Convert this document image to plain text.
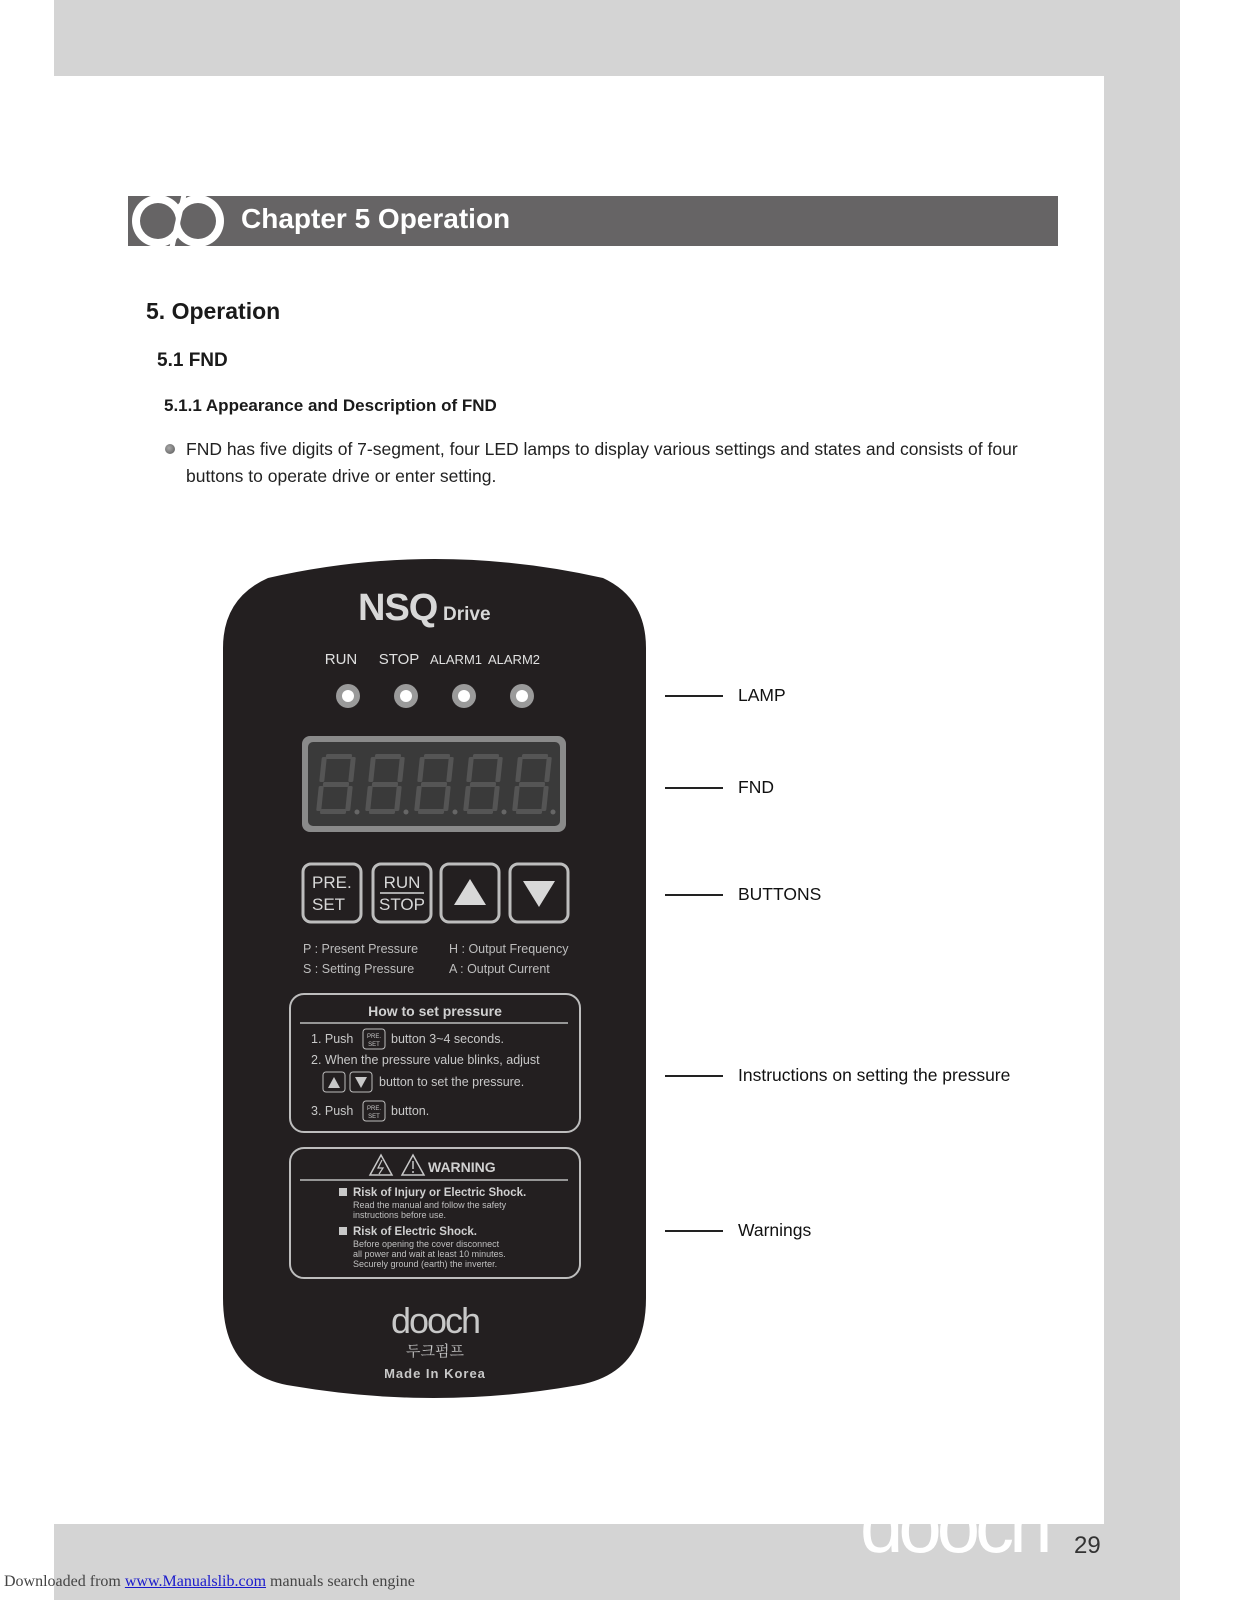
Chapter 5 Operation
5. Operation
5.1 FND
5.1.1 Appearance and Description of FND
FND has five digits of 7-segment, four LED lamps to display various settings and states and consists of four buttons to operate drive or enter setting.
NSQ Drive
RUN STOP ALARM1 ALARM2
PRE.
SET
RUN
STOP
P : Present Pressure
S : Setting Pressure
H : Output Frequency
A : Output Current
How to set pressure
1. Push PRE.
SET button 3~4 seconds.
2. When the pressure value blinks, adjust
button to set the pressure.
3. Push PRE.
SET button.
WARNING
Risk of Injury or Electric Shock.
Read the manual and follow the safety
instructions before use.
Risk of Electric Shock.
Before opening the cover disconnect
all power and wait at least 10 minutes.
Securely ground (earth) the inverter.
dooch
두크펌프
Made In Korea
LAMP
FND
BUTTONS
Instructions on setting the pressure
Warnings
dooch 29
Downloaded from www.Manualslib.com manuals search engine
